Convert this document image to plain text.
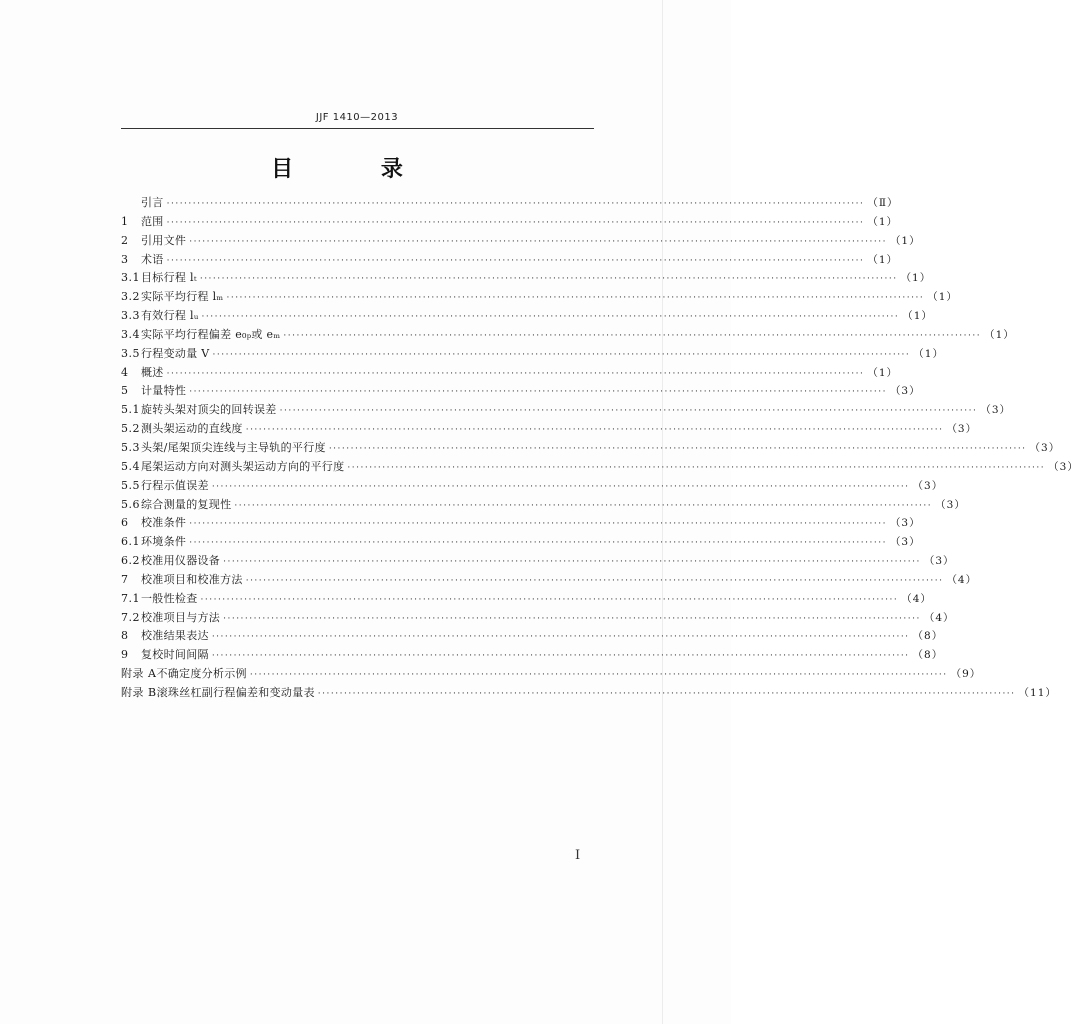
JJF 1410—2013
目 录
引言 ································································································································································ （Ⅱ）
1	范围 ································································································································································ （1）
2	引用文件 ································································································································································ （1）
3	术语 ································································································································································ （1）
3.1 目标行程 lₜ ································································································································································ （1）
3.2 实际平均行程 lₘ ································································································································································ （1）
3.3 有效行程 lᵤ ································································································································································ （1）
3.4 实际平均行程偏差 e₀ₚ或 eₘ ································································································································································ （1）
3.5 行程变动量 V ································································································································································ （1）
4	概述 ································································································································································ （1）
5	计量特性 ································································································································································ （3）
5.1 旋转头架对顶尖的回转误差 ································································································································································ （3）
5.2 测头架运动的直线度 ································································································································································ （3）
5.3 头架/尾架顶尖连线与主导轨的平行度 ································································································································································ （3）
5.4 尾架运动方向对测头架运动方向的平行度 ································································································································································ （3）
5.5 行程示值误差 ································································································································································ （3）
5.6 综合测量的复现性 ································································································································································ （3）
6	校准条件 ································································································································································ （3）
6.1 环境条件 ································································································································································ （3）
6.2 校准用仪器设备 ································································································································································ （3）
7	校准项目和校准方法 ································································································································································ （4）
7.1 一般性检查 ································································································································································ （4）
7.2 校准项目与方法 ································································································································································ （4）
8	校准结果表达 ································································································································································ （8）
9	复校时间间隔 ································································································································································ （8）
附录 A 不确定度分析示例 ································································································································································ （9）
附录 B 滚珠丝杠副行程偏差和变动量表 ································································································································································ （11）
I
